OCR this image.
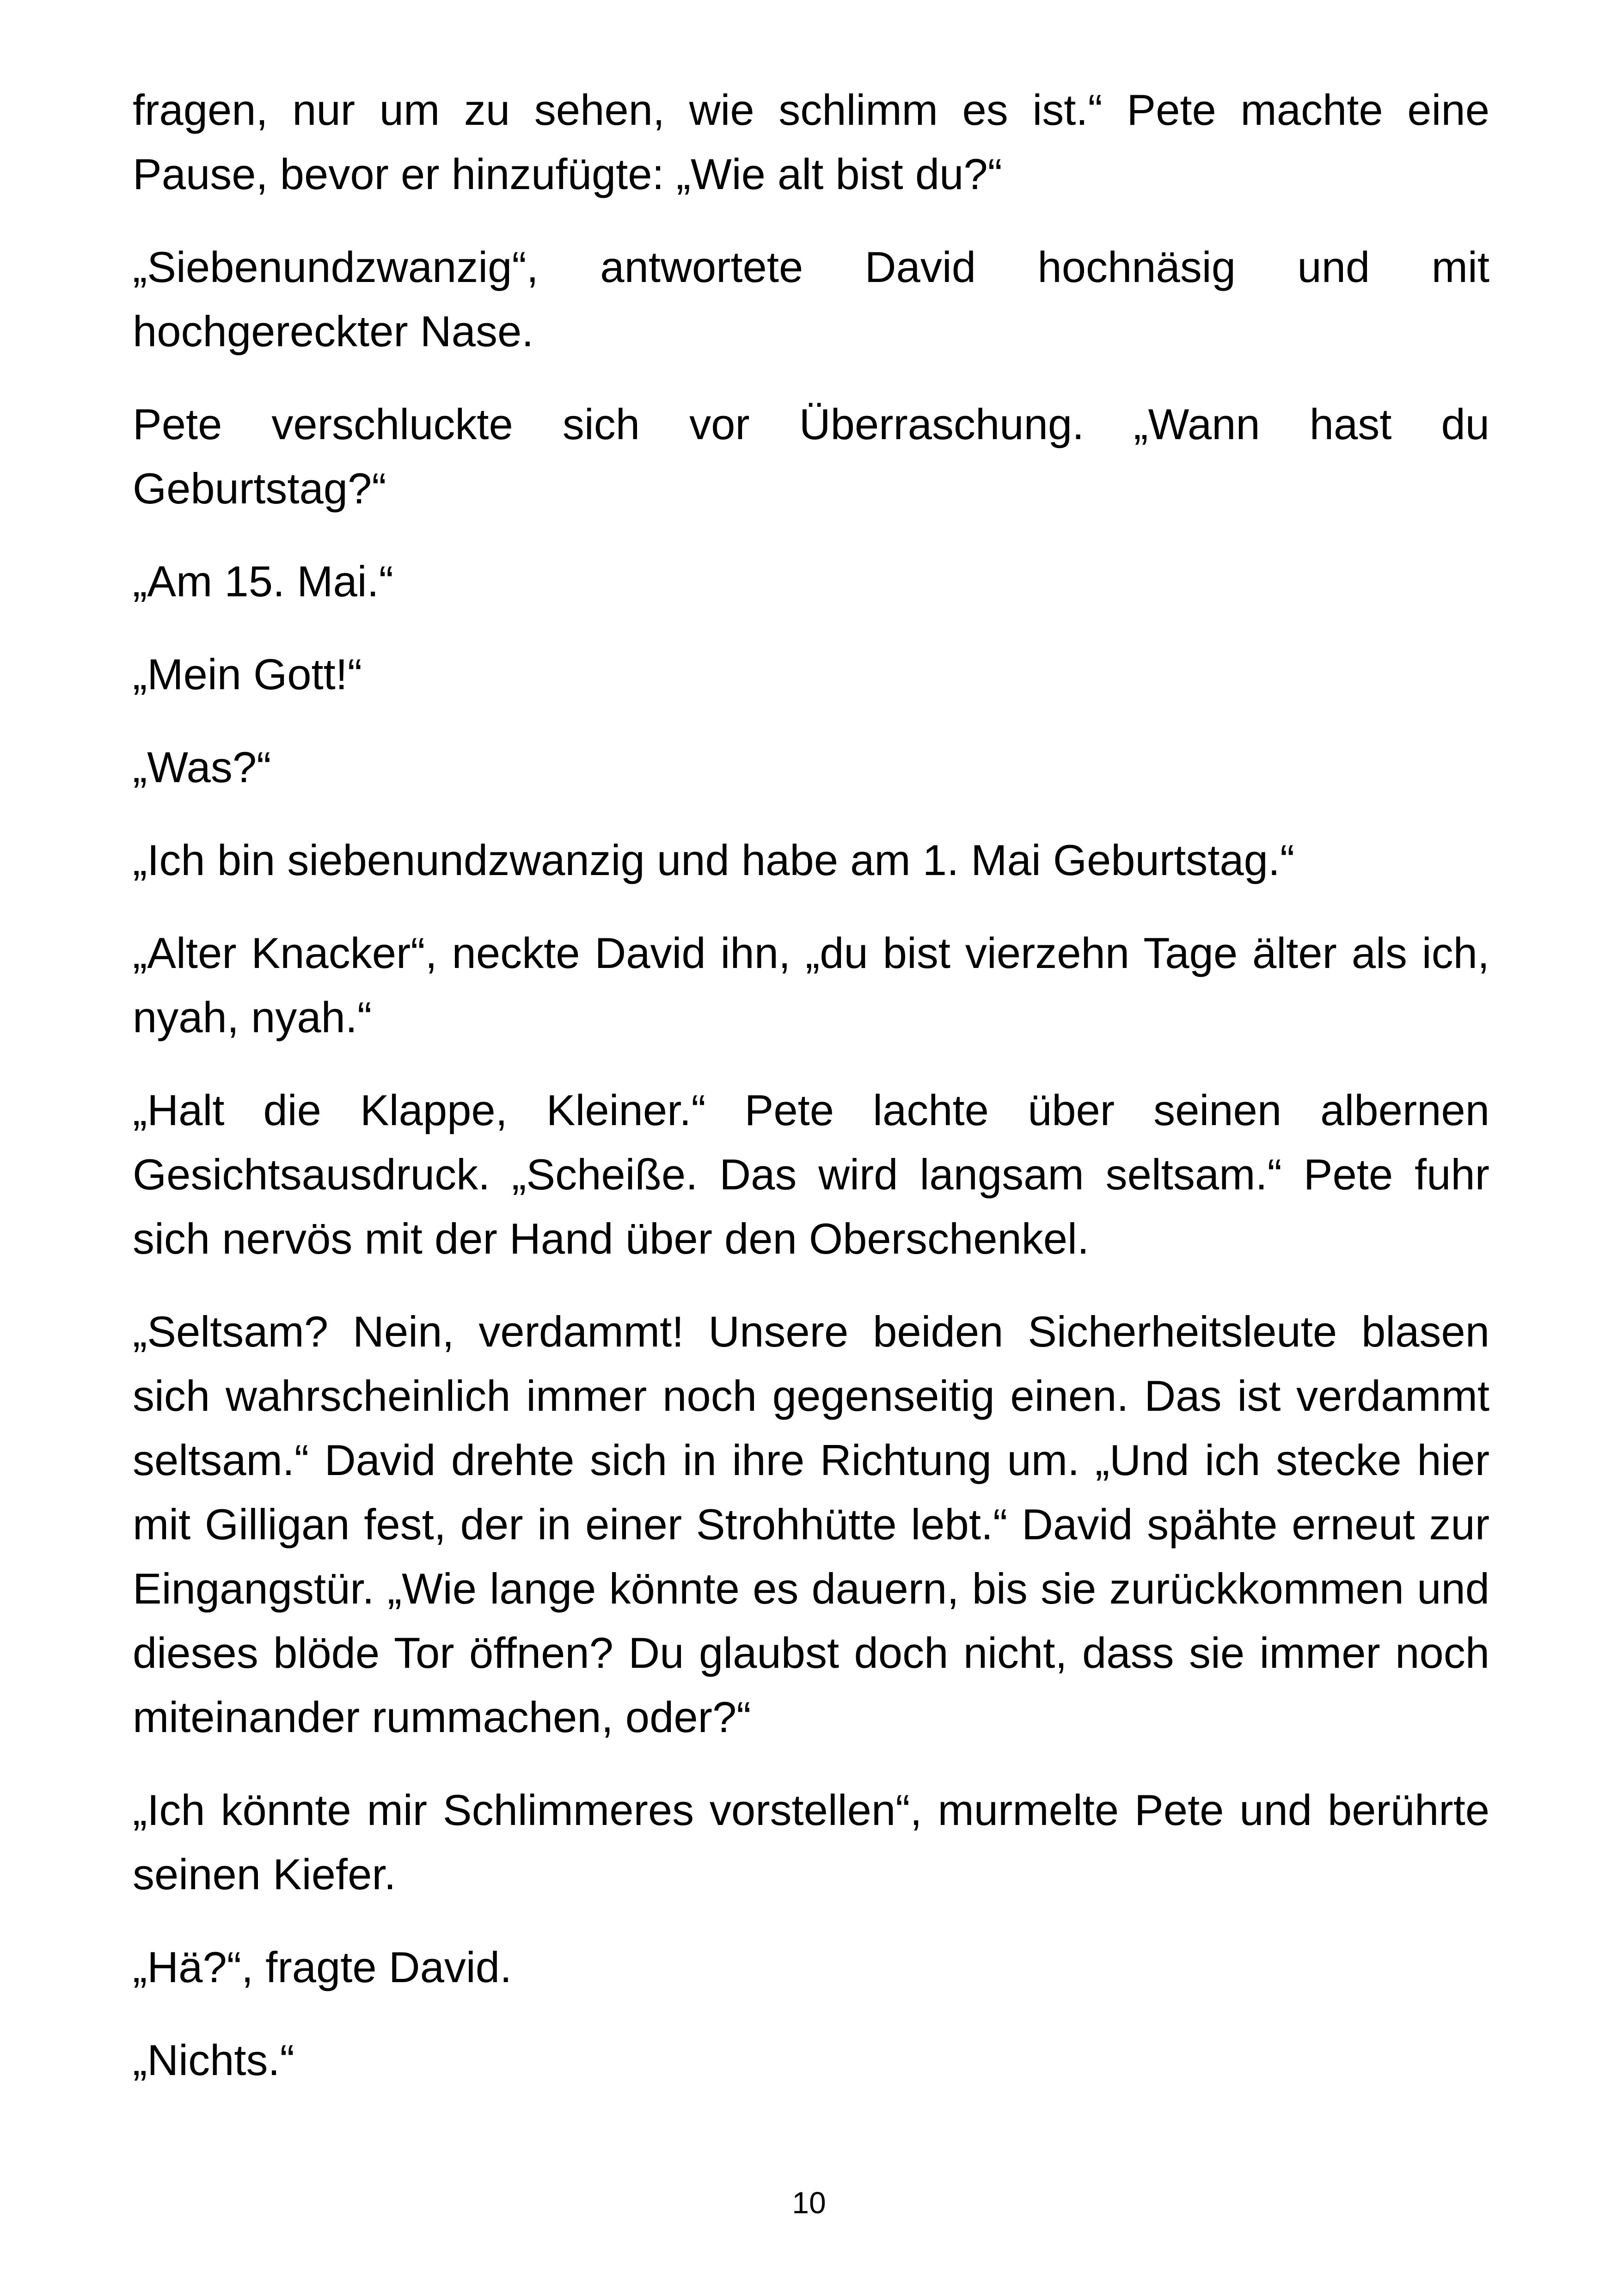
fragen, nur um zu sehen, wie schlimm es ist.“ Pete machte eine Pause, bevor er hinzufügte: „Wie alt bist du?“

„Siebenundzwanzig“, antwortete David hochnäsig und mit hochgereckter Nase.

Pete verschluckte sich vor Überraschung. „Wann hast du Geburtstag?“

„Am 15. Mai.“

„Mein Gott!“

„Was?“

„Ich bin siebenundzwanzig und habe am 1. Mai Geburtstag.“

„Alter Knacker“, neckte David ihn, „du bist vierzehn Tage älter als ich, nyah, nyah.“

„Halt die Klappe, Kleiner.“ Pete lachte über seinen albernen Gesichtsausdruck. „Scheiße. Das wird langsam seltsam.“ Pete fuhr sich nervös mit der Hand über den Oberschenkel.

„Seltsam? Nein, verdammt! Unsere beiden Sicherheitsleute blasen sich wahrscheinlich immer noch gegenseitig einen. Das ist verdammt seltsam.“ David drehte sich in ihre Richtung um. „Und ich stecke hier mit Gilligan fest, der in einer Strohhütte lebt.“ David spähte erneut zur Eingangstür. „Wie lange könnte es dauern, bis sie zurückkommen und dieses blöde Tor öffnen? Du glaubst doch nicht, dass sie immer noch miteinander rummachen, oder?“

„Ich könnte mir Schlimmeres vorstellen“, murmelte Pete und berührte seinen Kiefer.

„Hä?“, fragte David.

„Nichts.“

10
